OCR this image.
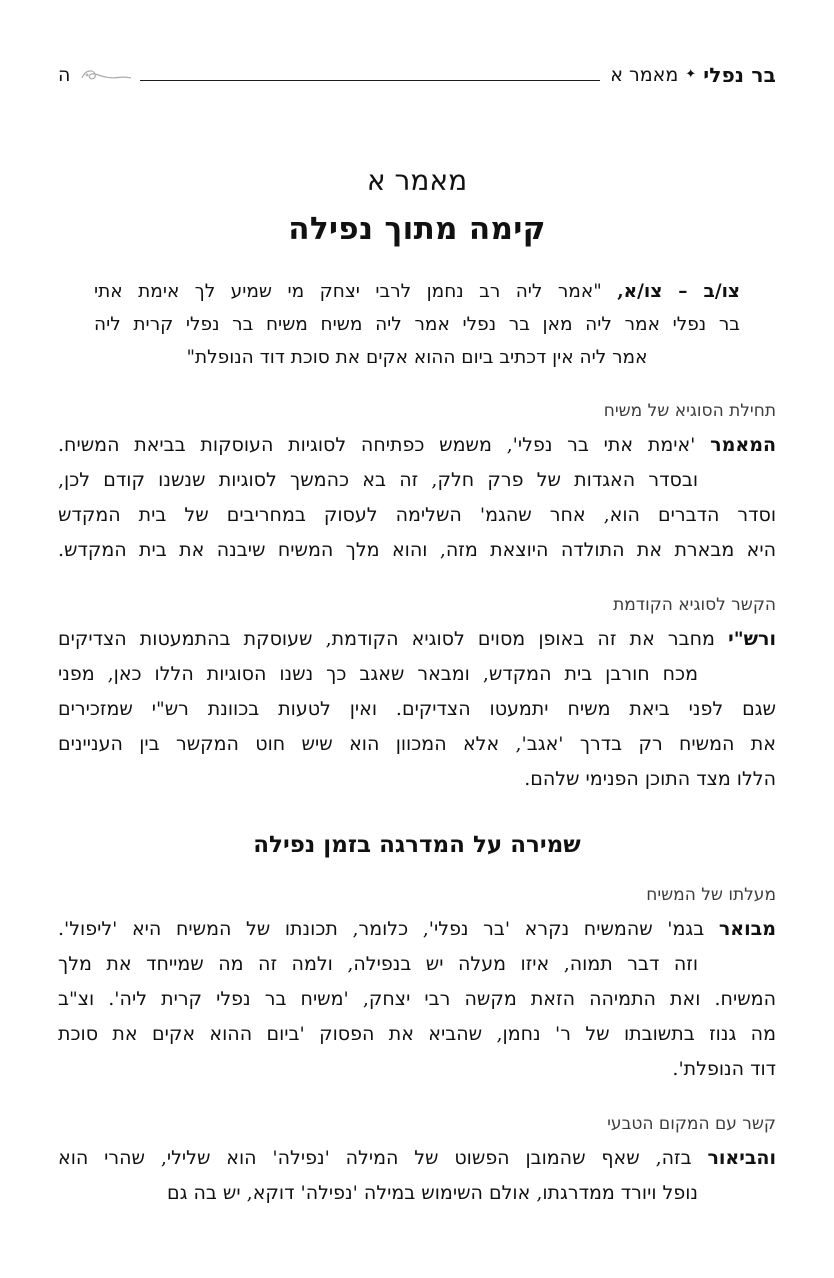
בר נפלי
✦
מאמר א
ה
מאמר א
קימה מתוך נפילה
צו/ב – צו/א, "אמר ליה רב נחמן לרבי יצחק מי שמיע לך אימת אתי
בר נפלי אמר ליה מאן בר נפלי אמר ליה משיח משיח בר נפלי קרית ליה
אמר ליה אין דכתיב ביום ההוא אקים את סוכת דוד הנופלת"
תחילת הסוגיא של משיח
המאמר 'אימת אתי בר נפלי', משמש כפתיחה לסוגיות העוסקות בביאת המשיח.
ובסדר האגדות של פרק חלק, זה בא כהמשך לסוגיות שנשנו קודם לכן,
וסדר הדברים הוא, אחר שהגמ' השלימה לעסוק במחריבים של בית המקדש
היא מבארת את התולדה היוצאת מזה, והוא מלך המשיח שיבנה את בית המקדש.
הקשר לסוגיא הקודמת
ורש"י מחבר את זה באופן מסוים לסוגיא הקודמת, שעוסקת בהתמעטות הצדיקים
מכח חורבן בית המקדש, ומבאר שאגב כך נשנו הסוגיות הללו כאן, מפני
שגם לפני ביאת משיח יתמעטו הצדיקים. ואין לטעות בכוונת רש"י שמזכירים
את המשיח רק בדרך 'אגב', אלא המכוון הוא שיש חוט המקשר בין העניינים
הללו מצד התוכן הפנימי שלהם.
שמירה על המדרגה בזמן נפילה
מעלתו של המשיח
מבואר בגמ' שהמשיח נקרא 'בר נפלי', כלומר, תכונתו של המשיח היא 'ליפול'.
וזה דבר תמוה, איזו מעלה יש בנפילה, ולמה זה מה שמייחד את מלך
המשיח. ואת התמיהה הזאת מקשה רבי יצחק, 'משיח בר נפלי קרית ליה'. וצ"ב
מה גנוז בתשובתו של ר' נחמן, שהביא את הפסוק 'ביום ההוא אקים את סוכת
דוד הנופלת'.
קשר עם המקום הטבעי
והביאור בזה, שאף שהמובן הפשוט של המילה 'נפילה' הוא שלילי, שהרי הוא
נופל ויורד ממדרגתו, אולם השימוש במילה 'נפילה' דוקא, יש בה גם
